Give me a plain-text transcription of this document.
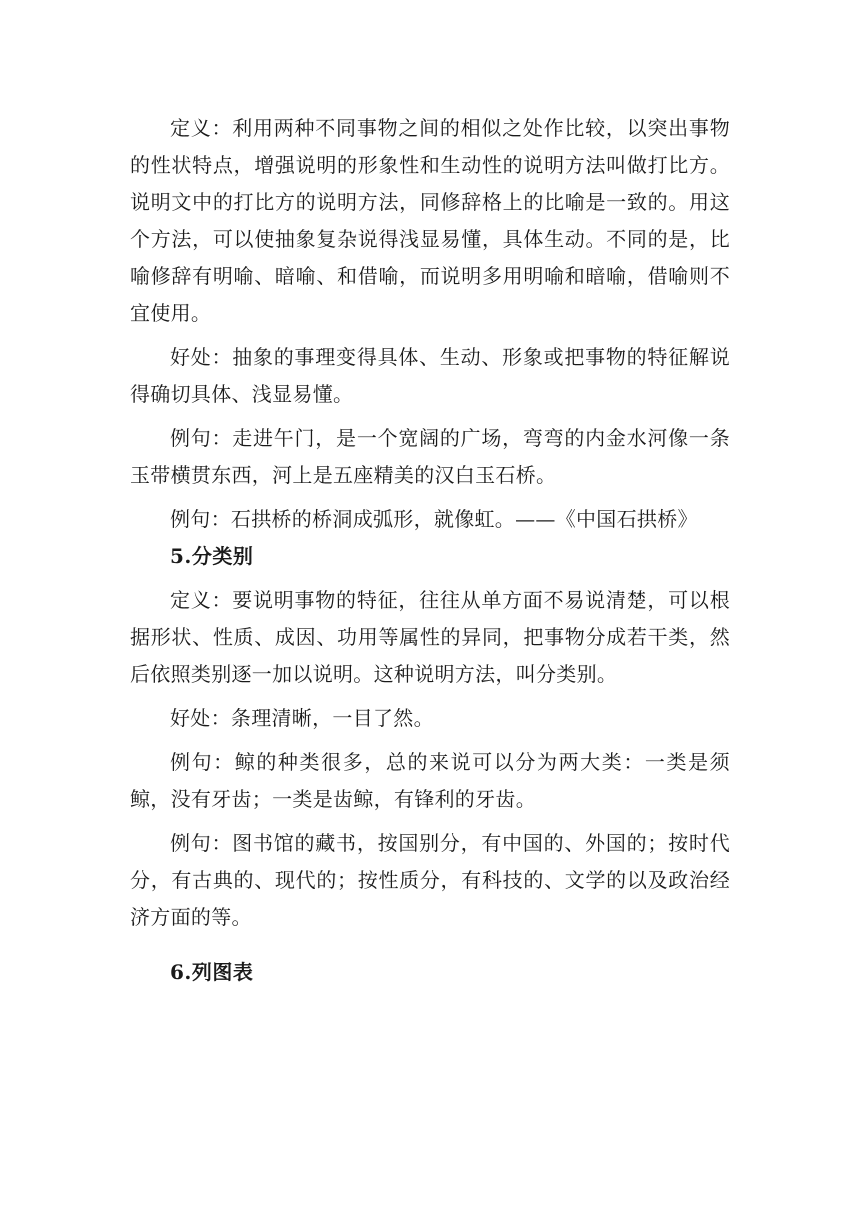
定义：利用两种不同事物之间的相似之处作比较，以突出事物的性状特点，增强说明的形象性和生动性的说明方法叫做打比方。说明文中的打比方的说明方法，同修辞格上的比喻是一致的。用这个方法，可以使抽象复杂说得浅显易懂，具体生动。不同的是，比喻修辞有明喻、暗喻、和借喻，而说明多用明喻和暗喻，借喻则不宜使用。

好处：抽象的事理变得具体、生动、形象或把事物的特征解说得确切具体、浅显易懂。

例句：走进午门，是一个宽阔的广场，弯弯的内金水河像一条玉带横贯东西，河上是五座精美的汉白玉石桥。

例句：石拱桥的桥洞成弧形，就像虹。——《中国石拱桥》

5.分类别

定义：要说明事物的特征，往往从单方面不易说清楚，可以根据形状、性质、成因、功用等属性的异同，把事物分成若干类，然后依照类别逐一加以说明。这种说明方法，叫分类别。

好处：条理清晰，一目了然。

例句：鲸的种类很多，总的来说可以分为两大类：一类是须鲸，没有牙齿；一类是齿鲸，有锋利的牙齿。

例句：图书馆的藏书，按国别分，有中国的、外国的；按时代分，有古典的、现代的；按性质分，有科技的、文学的以及政治经济方面的等。

6.列图表
